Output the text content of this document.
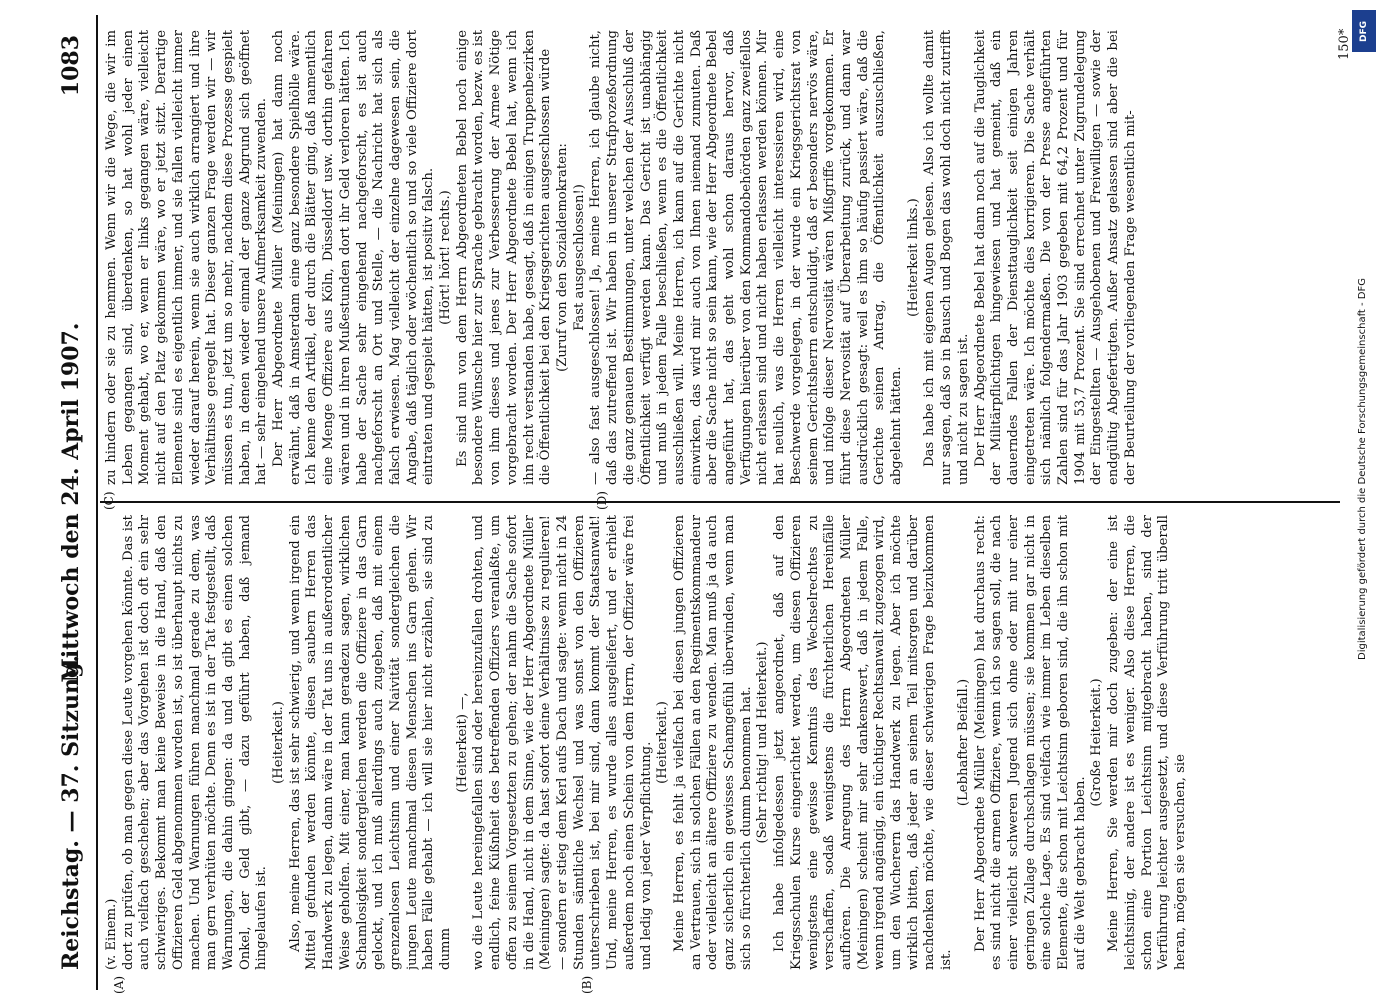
Reichstag. — 37. Sitzung.
Mittwoch den 24. April 1907.
1083
(A)	(B)
(C)	(D)

(v. Einem.) dort zu prüfen, ob man gegen diese Leute vorgehen könnte. Das ist auch vielfach geschehen; aber das Vorgehen ist doch oft ein sehr schwieriges. Bekommt man keine Beweise in die Hand, daß den Offizieren Geld abgenommen worden ist, so ist überhaupt nichts zu machen. Und Warnungen führen manchmal gerade zu dem, was man gern verhüten möchte. Denn es ist in der Tat festgestellt, daß Warnungen, die dahin gingen: da und da gibt es einen solchen Onkel, der Geld gibt, — dazu geführt haben, daß jemand hingelaufen ist.

(Heiterkeit.) Also, meine Herren, das ist sehr schwierig, und wenn irgend ein Mittel gefunden werden könnte, diesen saubern Herren das Handwerk zu legen, dann wäre in der Tat uns in außerordentlicher Weise geholfen. Mit einer, man kann geradezu sagen, wirklichen Schamlosigkeit sondergleichen werden die Offiziere in das Garn gelockt, und ich muß allerdings auch zugeben, daß mit einem grenzenlosen Leichtsinn und einer Naivität sondergleichen die jungen Leute manchmal diesen Menschen ins Garn gehen. Wir haben Fälle gehabt — ich will sie hier nicht erzählen, sie sind zu dumm

(Heiterkeit) —, wo die Leute hereingefallen sind oder hereinzufallen drohten, und endlich, feine Küßnheit des betreffenden Offiziers veranlaßte, um offen zu seinem Vorgesetzten zu gehen; der nahm die Sache sofort in die Hand, nicht in dem Sinne, wie der Herr Abgeordnete Müller (Meiningen) sagte: da hast sofort deine Verhältnisse zu regulieren! — sondern er stieg dem Kerl aufs Dach und sagte: wenn nicht in 24 Stunden sämtliche Wechsel und was sonst von den Offizieren unterschrieben ist, bei mir sind, dann kommt der Staatsanwalt! Und, meine Herren, es wurde alles ausgeliefert, und er erhielt außerdem noch einen Schein von dem Herrn, der Offizier wäre frei und ledig von jeder Verpflichtung. (Heiterkeit.) Meine Herren, es fehlt ja vielfach bei diesen jungen Offizieren an Vertrauen, sich in solchen Fällen an den Regimentskommandeur oder vielleicht an ältere Offiziere zu wenden. Man muß ja da auch ganz sicherlich ein gewisses Schamgefühl überwinden, wenn man sich so fürchterlich dumm benommen hat. (Sehr richtig! und Heiterkeit.) Ich habe infolgedessen jetzt angeordnet, daß auf den Kriegsschulen Kurse eingerichtet werden, um diesen Offizieren wenigstens eine gewisse Kenntnis des Wechselrechtes zu verschaffen, sodaß wenigstens die fürchterlichen Hereinfälle aufhören. Die Anregung des Herrn Abgeordneten Müller (Meiningen) scheint mir sehr dankenswert, daß in jedem Falle, wenn irgend angängig, ein tüchtiger Rechtsanwalt zugezogen wird, um den Wucherern das Handwerk zu legen. Aber ich möchte wirklich bitten, daß jeder an seinem Teil mitsorgen und darüber nachdenken möchte, wie dieser schwierigen Frage beizukommen ist.

(Lebhafter Beifall.) Der Herr Abgeordnete Müller (Meiningen) hat durchaus recht: es sind nicht die armen Offiziere, wenn ich so sagen soll, die nach einer vielleicht schweren Jugend sich ohne oder mit nur einer geringen Zulage durchschlagen müssen; sie kommen gar nicht in eine solche Lage. Es sind vielfach wie immer im Leben dieselben Elemente, die schon mit Leichtsinn geboren sind, die ihn schon mit auf die Welt gebracht haben.

(Große Heiterkeit.) Meine Herren, Sie werden mir doch zugeben: der eine ist leichtsinnig, der andere ist es weniger. Also diese Herren, die schon eine Portion Leichtsinn mitgebracht haben, sind der Verführung leichter ausgesetzt, und diese Verführung tritt überall heran, mögen sie versuchen, sie

zu hindern oder sie zu hemmen. Wenn wir die Wege, die wir im Leben gegangen sind, überdenken, so hat wohl jeder einen Moment gehabt, wo er, wenn er links gegangen wäre, vielleicht nicht auf den Platz gekommen wäre, wo er jetzt sitzt. Derartige Elemente sind es eigentlich immer, und sie fallen vielleicht immer wieder darauf herein, wenn sie auch wirklich arrangiert und ihre Verhältnisse geregelt hat. Dieser ganzen Frage werden wir — wir müssen es tun, jetzt um so mehr, nachdem diese Prozesse gespielt haben, in denen wieder einmal der ganze Abgrund sich geöffnet hat — sehr eingehend unsere Aufmerksamkeit zuwenden. Der Herr Abgeordnete Müller (Meiningen) hat dann noch erwähnt, daß in Amsterdam eine ganz besondere Spielhölle wäre. Ich kenne den Artikel, der durch die Blätter ging, daß namentlich eine Menge Offiziere aus Köln, Düsseldorf usw. dorthin gefahren wären und in ihren Mußestunden dort ihr Geld verloren hätten. Ich habe der Sache sehr eingehend nachgeforscht, es ist auch nachgeforscht an Ort und Stelle, — die Nachricht hat sich als falsch erwiesen. Mag vielleicht der einzelne dagewesen sein, die Angabe, daß täglich oder wöchentlich so und so viele Offiziere dort eintraten und gespielt hätten, ist positiv falsch. (Hört! hört! rechts.) Es sind nun von dem Herrn Abgeordneten Bebel noch einige besondere Wünsche hier zur Sprache gebracht worden, bezw. es ist von ihm dieses und jenes zur Verbesserung der Armee Nötige vorgebracht worden. Der Herr Abgeordnete Bebel hat, wenn ich ihn recht verstanden habe, gesagt, daß in einigen Truppenbezirken die Öffentlichkeit bei den Kriegsgerichten ausgeschlossen würde (Zuruf von den Sozialdemokraten: Fast ausgeschlossen!) — also fast ausgeschlossen! Ja, meine Herren, ich glaube nicht, daß das zutreffend ist. Wir haben in unserer Strafprozeßordnung die ganz genauen Bestimmungen, unter welchen der Ausschluß der Öffentlichkeit verfügt werden kann. Das Gericht ist unabhängig und muß in jedem Falle beschließen, wenn es die Öffentlichkeit ausschließen will. Meine Herren, ich kann auf die Gerichte nicht einwirken, das wird mir auch von Ihnen niemand zumuten. Daß aber die Sache nicht so sein kann, wie der Herr Abgeordnete Bebel angeführt hat, das geht wohl schon daraus hervor, daß Verfügungen hierüber von den Kommandobehörden ganz zweifellos nicht erlassen sind und nicht haben erlassen werden können. Mir hat neulich, was die Herren vielleicht interessieren wird, eine Beschwerde vorgelegen, in der wurde ein Kriegsgerichtsrat von seinem Gerichtsherrn entschuldigt, daß er besonders nervös wäre, und infolge dieser Nervosität wären Mißgriffe vorgekommen. Er führt diese Nervosität auf Überarbeitung zurück, und dann war ausdrücklich gesagt: weil es ihm so häufig passiert wäre, daß die Gerichte seinen Antrag, die Öffentlichkeit auszuschließen, abgelehnt hätten.

(Heiterkeit links.) Das habe ich mit eigenen Augen gelesen. Also ich wollte damit nur sagen, daß so in Bausch und Bogen das wohl doch nicht zutrifft und nicht zu sagen ist. Der Herr Abgeordnete Bebel hat dann noch auf die Tauglichkeit der Militärpflichtigen hingewiesen und hat gemeint, daß ein dauerndes Fallen der Diensttauglichkeit seit einigen Jahren eingetreten wäre. Ich möchte dies korrigieren. Die Sache verhält sich nämlich folgendermaßen. Die von der Presse angeführten Zahlen sind für das Jahr 1903 gegeben mit 64,2 Prozent und für 1904 mit 53,7 Prozent. Sie sind errechnet unter Zugrundelegung der Eingestellten — Ausgehobenen und Freiwilligen — sowie der endgültig Abgefertigten. Außer Ansatz gelassen sind aber die bei der Beurteilung der vorliegenden Frage wesentlich mit-

150* DFG
Digitalisierung gefördert durch die Deutsche Forschungsgemeinschaft - DFG
